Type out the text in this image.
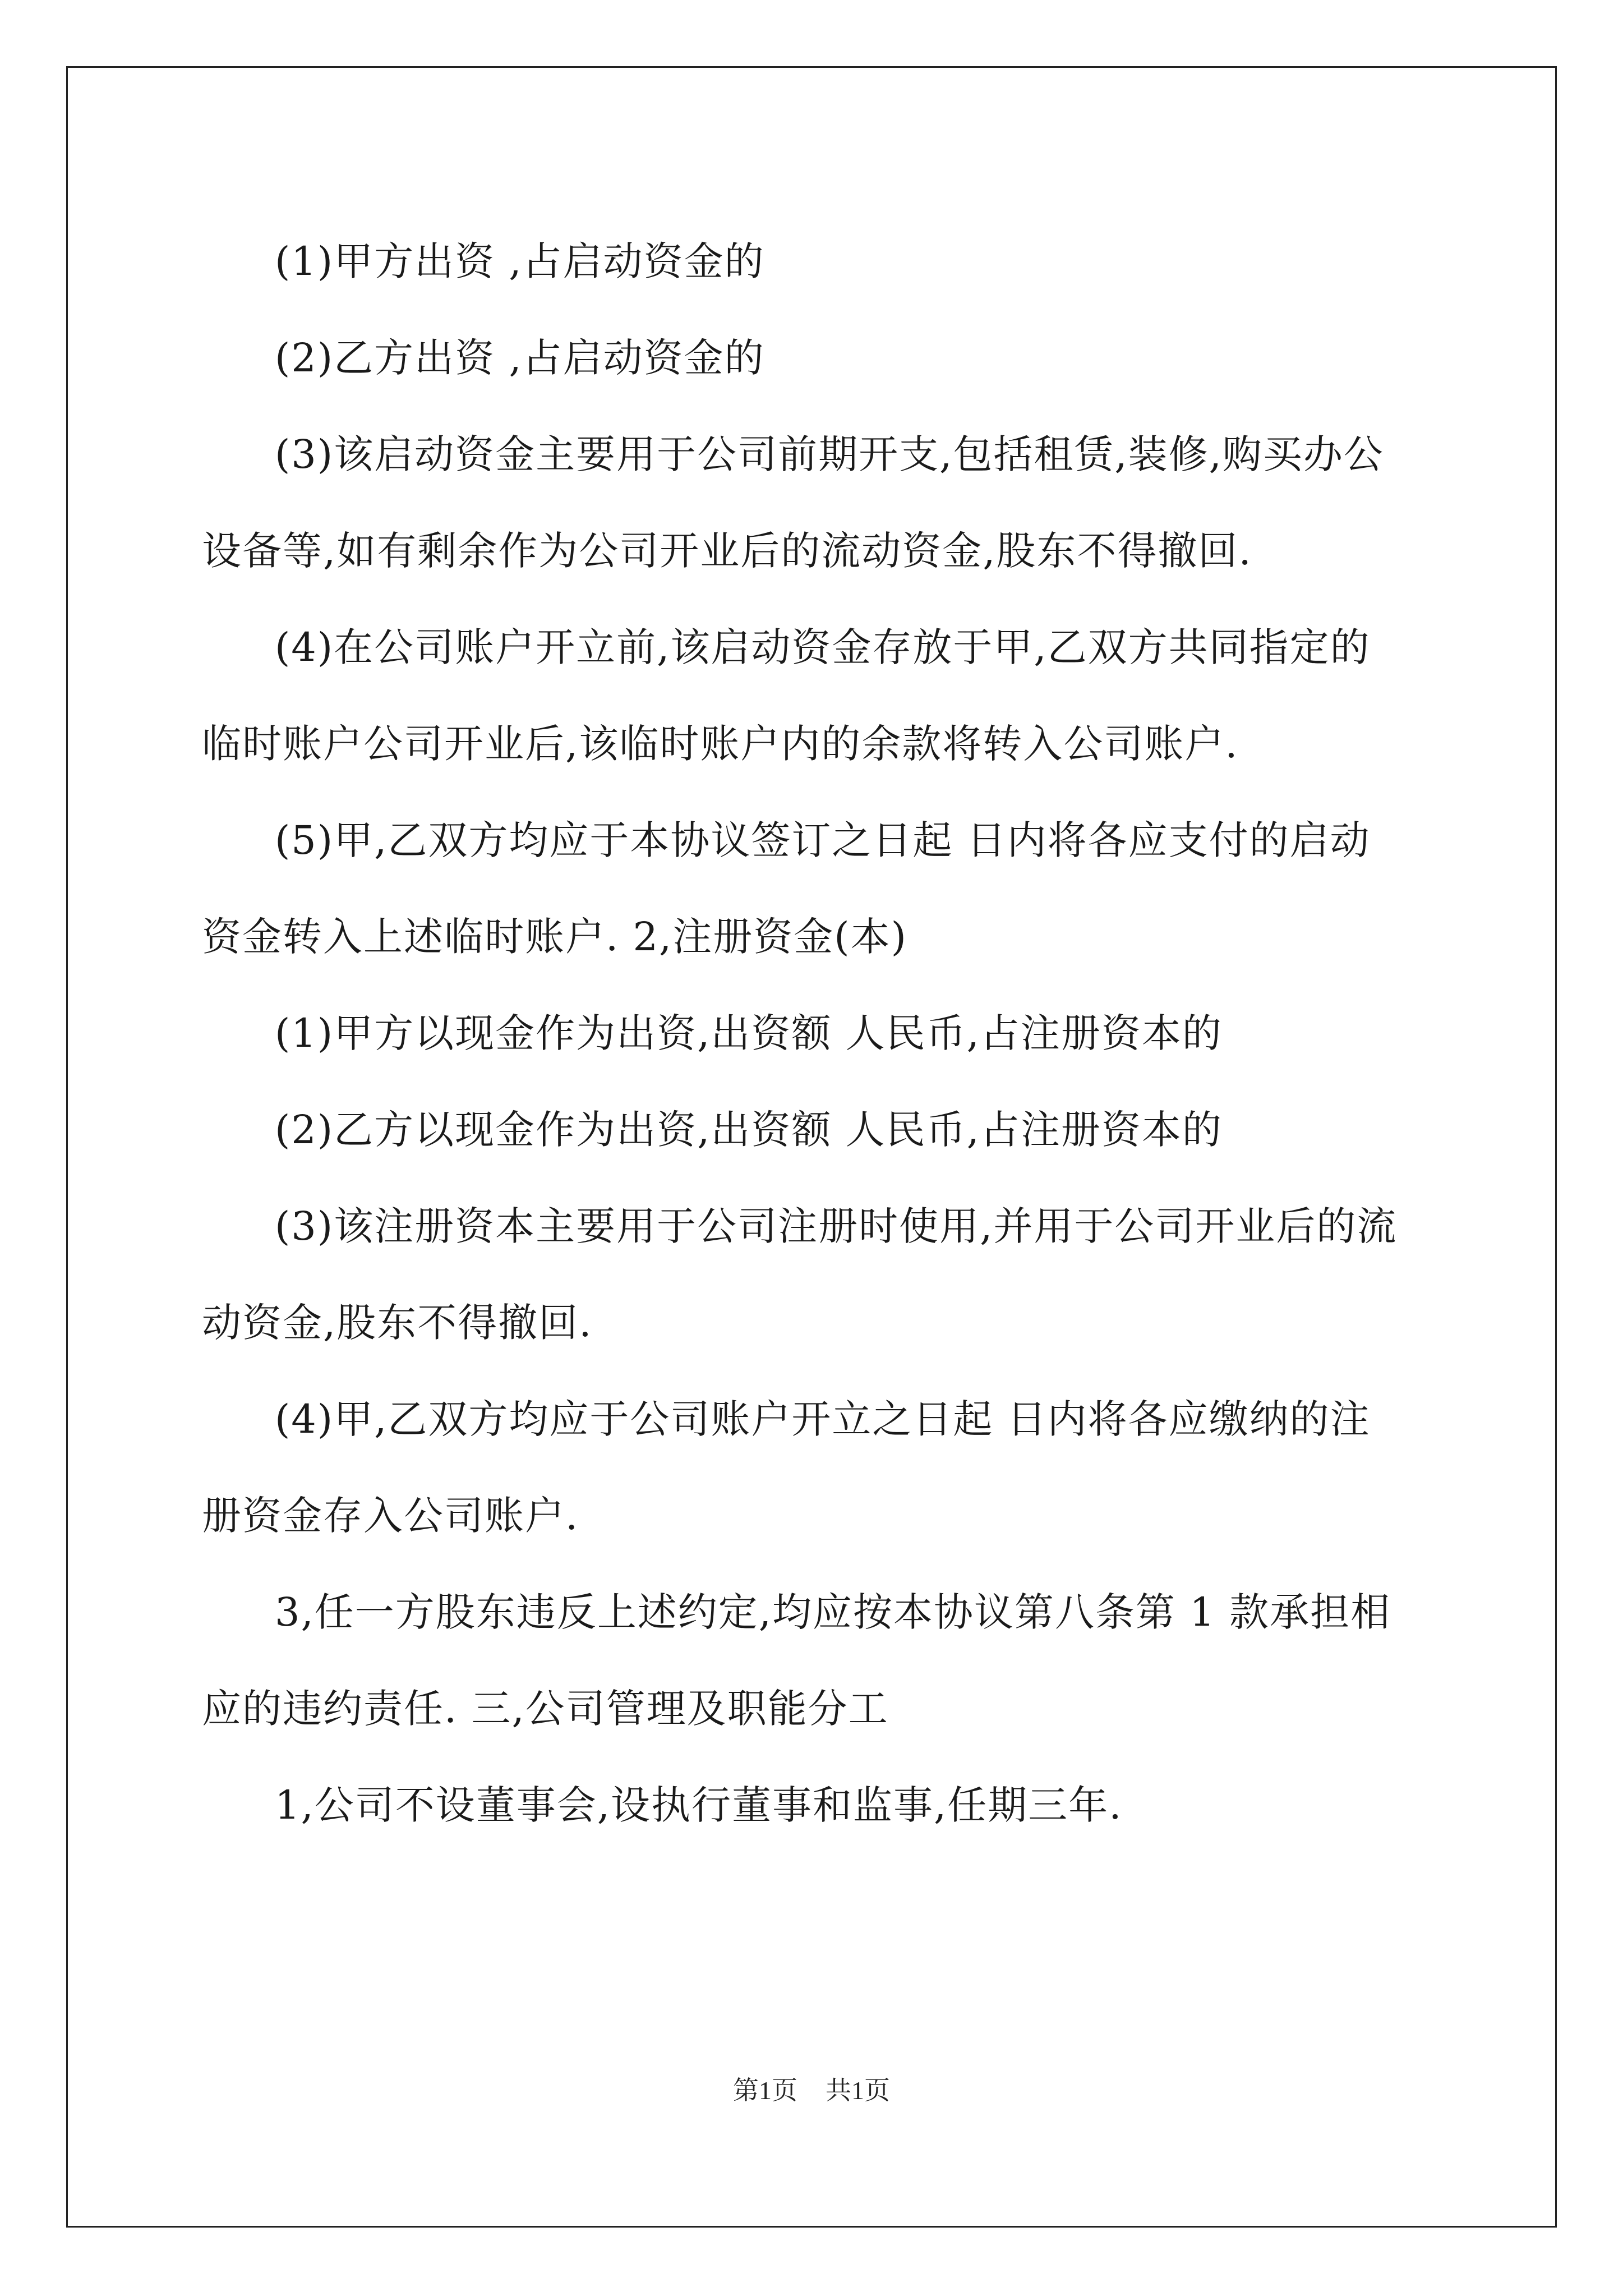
(1)甲方出资 ,占启动资金的
(2)乙方出资 ,占启动资金的
(3)该启动资金主要用于公司前期开支,包括租赁,装修,购买办公
设备等,如有剩余作为公司开业后的流动资金,股东不得撤回.
(4)在公司账户开立前,该启动资金存放于甲,乙双方共同指定的
临时账户公司开业后,该临时账户内的余款将转入公司账户.
(5)甲,乙双方均应于本协议签订之日起 日内将各应支付的启动
资金转入上述临时账户. 2,注册资金(本)
(1)甲方以现金作为出资,出资额 人民币,占注册资本的
(2)乙方以现金作为出资,出资额 人民币,占注册资本的
(3)该注册资本主要用于公司注册时使用,并用于公司开业后的流
动资金,股东不得撤回.
(4)甲,乙双方均应于公司账户开立之日起 日内将各应缴纳的注
册资金存入公司账户.
3,任一方股东违反上述约定,均应按本协议第八条第 1 款承担相
应的违约责任. 三,公司管理及职能分工
1,公司不设董事会,设执行董事和监事,任期三年.
第1页 共1页
